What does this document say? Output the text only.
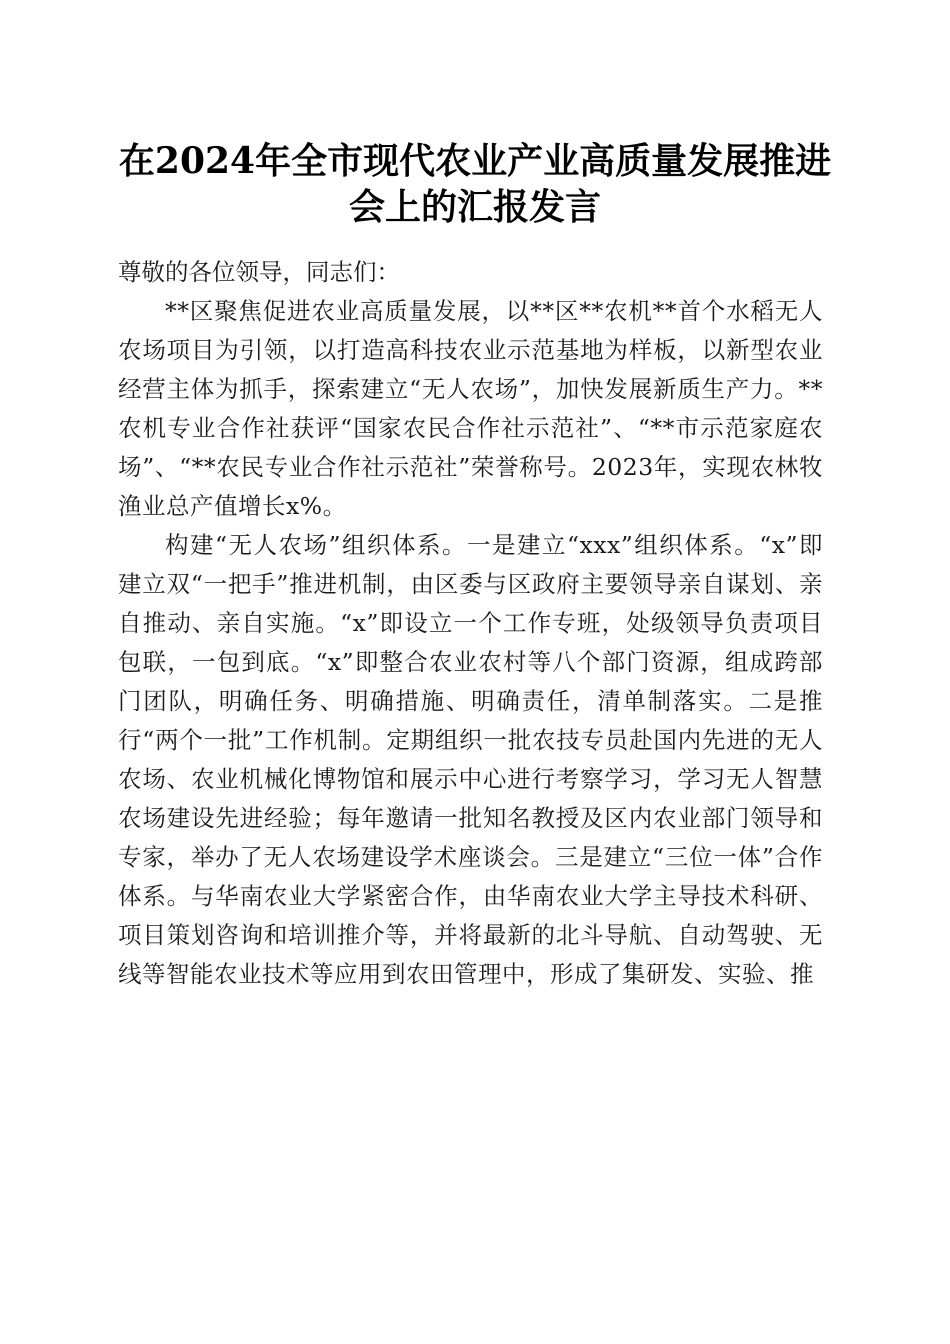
在2024年全市现代农业产业高质量发展推进会上的汇报发言

尊敬的各位领导，同志们：

**区聚焦促进农业高质量发展，以**区**农机**首个水稻无人农场项目为引领，以打造高科技农业示范基地为样板，以新型农业经营主体为抓手，探索建立“无人农场”，加快发展新质生产力。**农机专业合作社获评“国家农民合作社示范社”、“**市示范家庭农场”、“**农民专业合作社示范社”荣誉称号。2023年，实现农林牧渔业总产值增长x%。

构建“无人农场”组织体系。一是建立“xxx”组织体系。“x”即建立双“一把手”推进机制，由区委与区政府主要领导亲自谋划、亲自推动、亲自实施。“x”即设立一个工作专班，处级领导负责项目包联，一包到底。“x”即整合农业农村等八个部门资源，组成跨部门团队，明确任务、明确措施、明确责任，清单制落实。二是推行“两个一批”工作机制。定期组织一批农技专员赴国内先进的无人农场、农业机械化博物馆和展示中心进行考察学习，学习无人智慧农场建设先进经验；每年邀请一批知名教授及区内农业部门领导和专家，举办了无人农场建设学术座谈会。三是建立“三位一体”合作体系。与华南农业大学紧密合作，由华南农业大学主导技术科研、项目策划咨询和培训推介等，并将最新的北斗导航、自动驾驶、无线等智能农业技术等应用到农田管理中，形成了集研发、实验、推
